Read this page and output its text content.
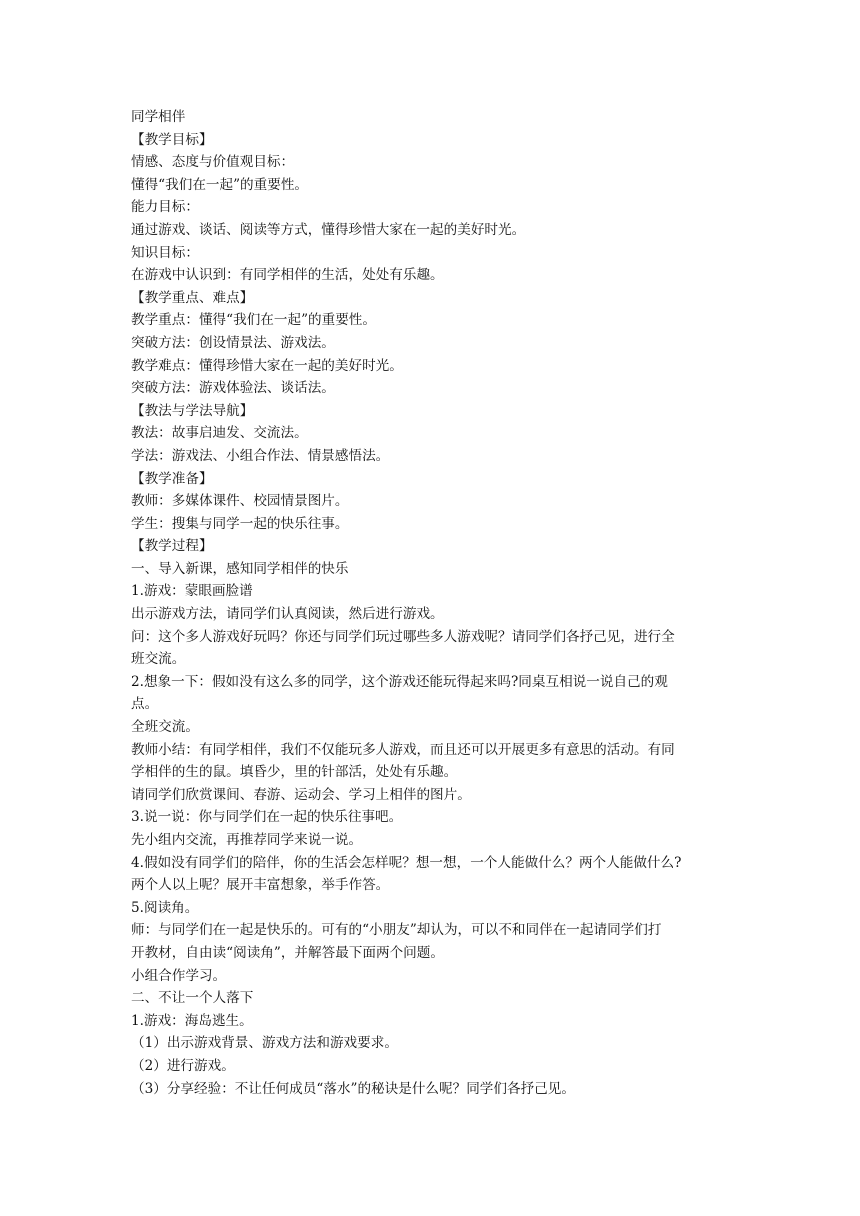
同学相伴
【教学目标】
情感、态度与价值观目标：
懂得“我们在一起”的重要性。
能力目标：
通过游戏、谈话、阅读等方式，懂得珍惜大家在一起的美好时光。
知识目标：
在游戏中认识到：有同学相伴的生活，处处有乐趣。
【教学重点、难点】
教学重点：懂得“我们在一起”的重要性。
突破方法：创设情景法、游戏法。
教学难点：懂得珍惜大家在一起的美好时光。
突破方法：游戏体验法、谈话法。
【教法与学法导航】
教法：故事启迪发、交流法。
学法：游戏法、小组合作法、情景感悟法。
【教学准备】
教师：多媒体课件、校园情景图片。
学生：搜集与同学一起的快乐往事。
【教学过程】
一、导入新课，感知同学相伴的快乐
1.游戏：蒙眼画脸谱
出示游戏方法，请同学们认真阅读，然后进行游戏。
问：这个多人游戏好玩吗？你还与同学们玩过哪些多人游戏呢？请同学们各抒己见，进行全
班交流。
2.想象一下：假如没有这么多的同学，这个游戏还能玩得起来吗?同桌互相说一说自己的观
点。
全班交流。
教师小结：有同学相伴，我们不仅能玩多人游戏，而且还可以开展更多有意思的活动。有同
学相伴的生的鼠。填昏少，里的针部活，处处有乐趣。
请同学们欣赏课间、春游、运动会、学习上相伴的图片。
3.说一说：你与同学们在一起的快乐往事吧。
先小组内交流，再推荐同学来说一说。
4.假如没有同学们的陪伴，你的生活会怎样呢？想一想，一个人能做什么？两个人能做什么?
两个人以上呢？展开丰富想象，举手作答。
5.阅读角。
师：与同学们在一起是快乐的。可有的“小朋友”却认为，可以不和同伴在一起请同学们打
开教材，自由读“阅读角”，并解答最下面两个问题。
小组合作学习。
二、不让一个人落下
1.游戏：海岛逃生。
（1）出示游戏背景、游戏方法和游戏要求。
（2）进行游戏。
（3）分享经验：不让任何成员“落水”的秘诀是什么呢？同学们各抒己见。
